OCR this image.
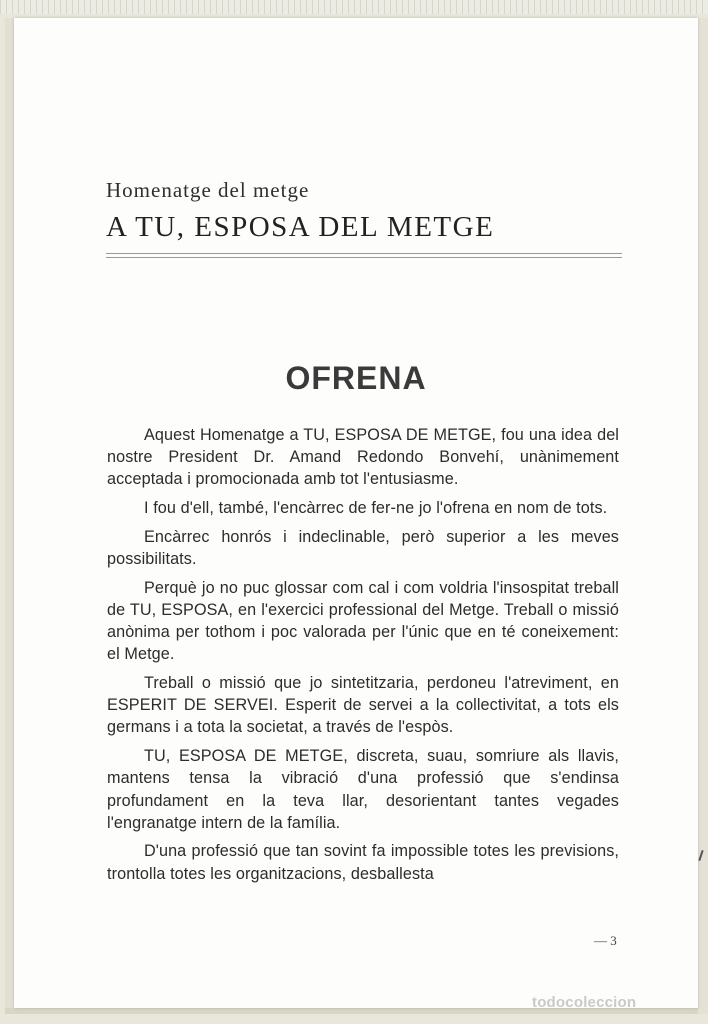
Homenatge del metge
A TU, ESPOSA DEL METGE
OFRENA

Aquest Homenatge a TU, ESPOSA DE METGE, fou una idea del nostre President Dr. Amand Redondo Bonvehí, unànimement acceptada i promocionada amb tot l'entusiasme.

I fou d'ell, també, l'encàrrec de fer-ne jo l'ofrena en nom de tots.

Encàrrec honrós i indeclinable, però superior a les meves possibilitats.

Perquè jo no puc glossar com cal i com voldria l'insospitat treball de TU, ESPOSA, en l'exercici professional del Metge. Treball o missió anònima per tothom i poc valorada per l'únic que en té coneixement: el Metge.

Treball o missió que jo sintetitzaria, perdoneu l'atreviment, en ESPERIT DE SERVEI. Esperit de servei a la collectivitat, a tots els germans i a tota la societat, a través de l'espòs.

TU, ESPOSA DE METGE, discreta, suau, somriure als llavis, mantens tensa la vibració d'una professió que s'endinsa profundament en la teva llar, desorientant tantes vegades l'engranatge intern de la família.

D'una professió que tan sovint fa impossible totes les previsions, trontolla totes les organitzacions, desballesta

— 3
todocoleccion
